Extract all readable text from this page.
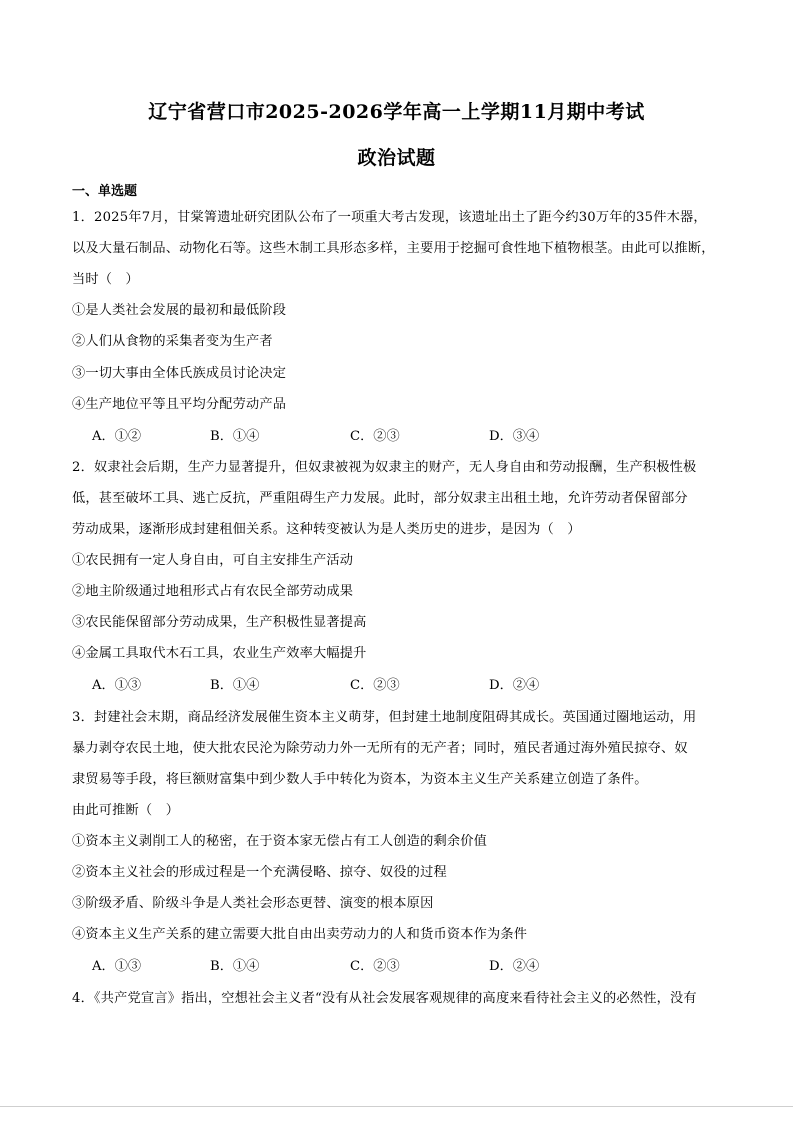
辽宁省营口市2025-2026学年高一上学期11月期中考试
政治试题
一、单选题
1．2025年7月，甘棠箐遗址研究团队公布了一项重大考古发现，该遗址出土了距今约30万年的35件木器，
以及大量石制品、动物化石等。这些木制工具形态多样，主要用于挖掘可食性地下植物根茎。由此可以推断，
当时（　）
①是人类社会发展的最初和最低阶段
②人们从食物的采集者变为生产者
③一切大事由全体氏族成员讨论决定
④生产地位平等且平均分配劳动产品
A．①②	B．①④	C．②③	D．③④
2．奴隶社会后期，生产力显著提升，但奴隶被视为奴隶主的财产，无人身自由和劳动报酬，生产积极性极
低，甚至破坏工具、逃亡反抗，严重阻碍生产力发展。此时，部分奴隶主出租土地，允许劳动者保留部分
劳动成果，逐渐形成封建租佃关系。这种转变被认为是人类历史的进步，是因为（　）
①农民拥有一定人身自由，可自主安排生产活动
②地主阶级通过地租形式占有农民全部劳动成果
③农民能保留部分劳动成果，生产积极性显著提高
④金属工具取代木石工具，农业生产效率大幅提升
A．①③	B．①④	C．②③	D．②④
3．封建社会末期，商品经济发展催生资本主义萌芽，但封建土地制度阻碍其成长。英国通过圈地运动，用
暴力剥夺农民土地，使大批农民沦为除劳动力外一无所有的无产者；同时，殖民者通过海外殖民掠夺、奴
隶贸易等手段，将巨额财富集中到少数人手中转化为资本，为资本主义生产关系建立创造了条件。
由此可推断（　）
①资本主义剥削工人的秘密，在于资本家无偿占有工人创造的剩余价值
②资本主义社会的形成过程是一个充满侵略、掠夺、奴役的过程
③阶级矛盾、阶级斗争是人类社会形态更替、演变的根本原因
④资本主义生产关系的建立需要大批自由出卖劳动力的人和货币资本作为条件
A．①③	B．①④	C．②③	D．②④
4．《共产党宣言》指出，空想社会主义者“没有从社会发展客观规律的高度来看待社会主义的必然性，没有
